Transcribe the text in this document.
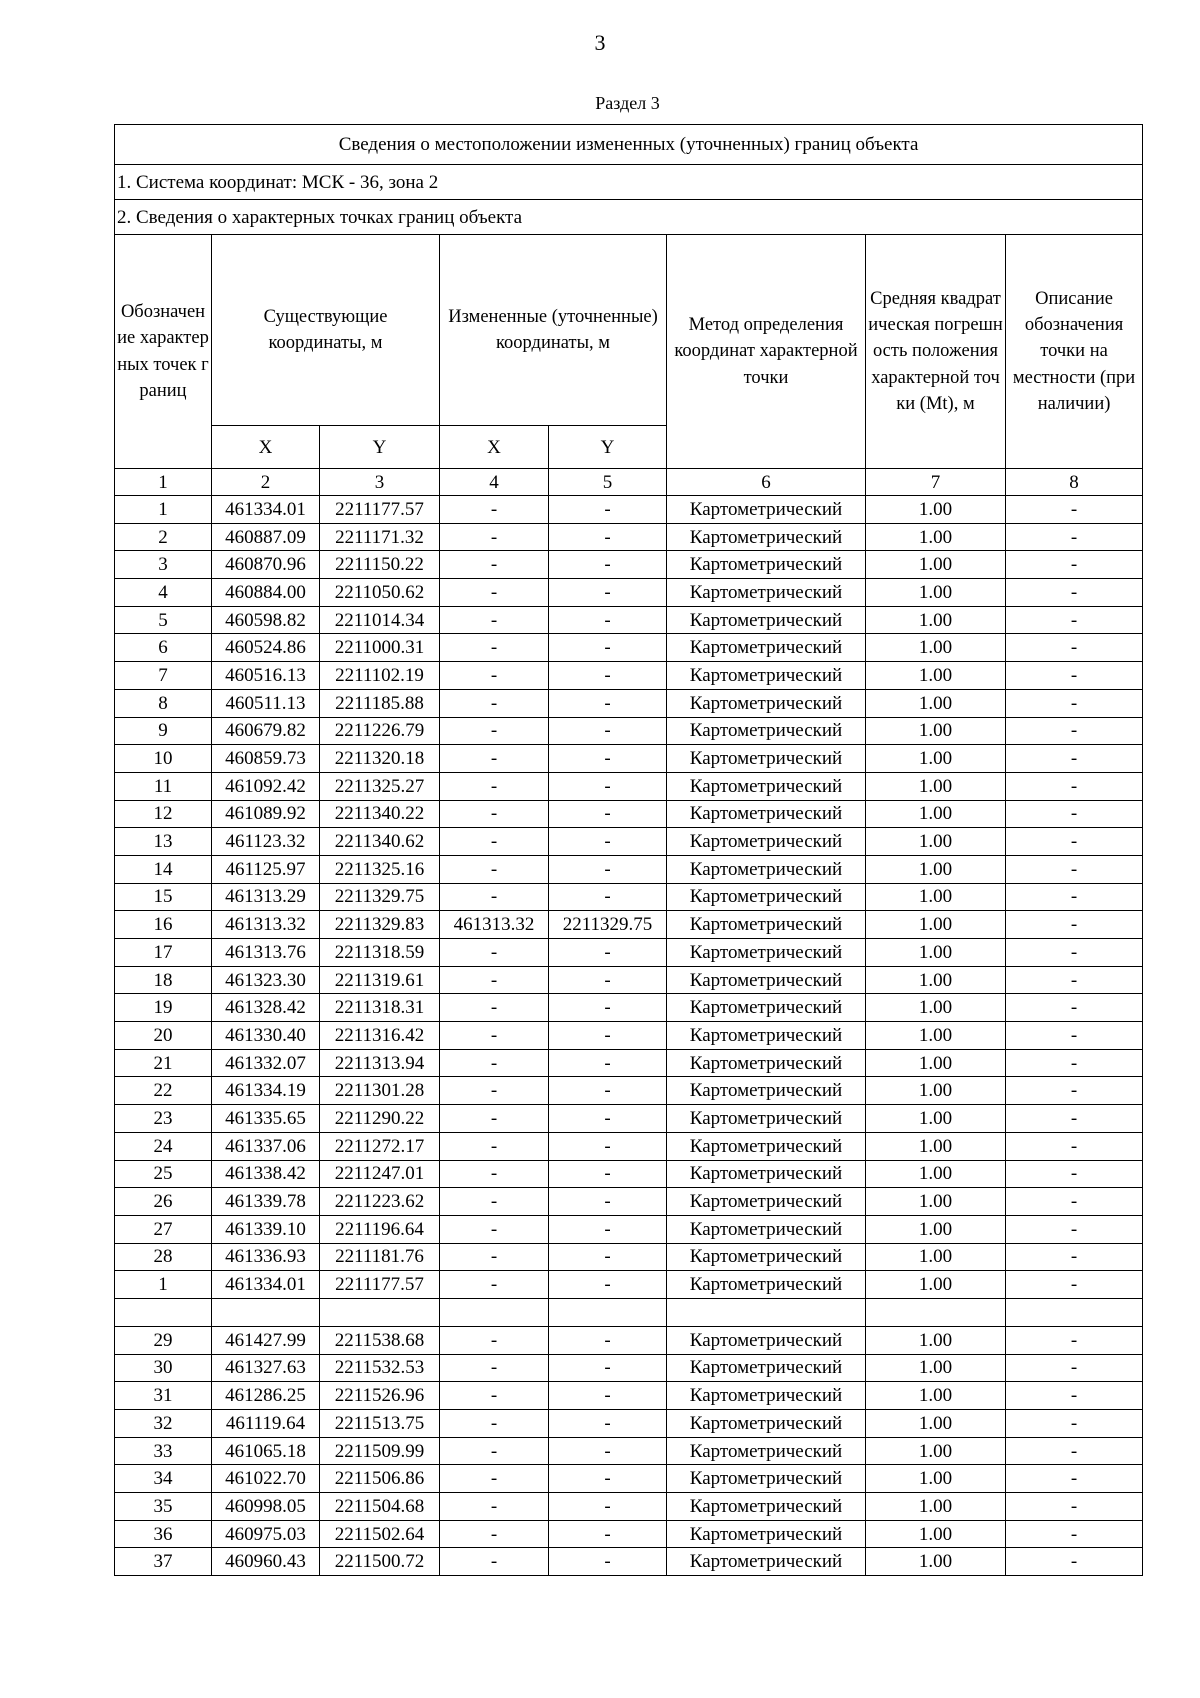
3
Раздел 3
Сведения о местоположении измененных (уточненных) границ объекта							
1. Система координат: МСК - 36, зона 2							
2. Сведения о характерных точках границ объекта							
Обозначение характерных точек границ	Существующие координаты, м		Измененные (уточненные) координаты, м		Метод определения координат характерной точки	Средняя квадратическая погрешность положения характерной точки (Mt), м	Описание обозначения точки на местности (при наличии)
	X	Y	X	Y			
1	2	3	4	5	6	7	8
1	461334.01	2211177.57	-	-	Картометрический	1.00	-
2	460887.09	2211171.32	-	-	Картометрический	1.00	-
3	460870.96	2211150.22	-	-	Картометрический	1.00	-
4	460884.00	2211050.62	-	-	Картометрический	1.00	-
5	460598.82	2211014.34	-	-	Картометрический	1.00	-
6	460524.86	2211000.31	-	-	Картометрический	1.00	-
7	460516.13	2211102.19	-	-	Картометрический	1.00	-
8	460511.13	2211185.88	-	-	Картометрический	1.00	-
9	460679.82	2211226.79	-	-	Картометрический	1.00	-
10	460859.73	2211320.18	-	-	Картометрический	1.00	-
11	461092.42	2211325.27	-	-	Картометрический	1.00	-
12	461089.92	2211340.22	-	-	Картометрический	1.00	-
13	461123.32	2211340.62	-	-	Картометрический	1.00	-
14	461125.97	2211325.16	-	-	Картометрический	1.00	-
15	461313.29	2211329.75	-	-	Картометрический	1.00	-
16	461313.32	2211329.83	461313.32	2211329.75	Картометрический	1.00	-
17	461313.76	2211318.59	-	-	Картометрический	1.00	-
18	461323.30	2211319.61	-	-	Картометрический	1.00	-
19	461328.42	2211318.31	-	-	Картометрический	1.00	-
20	461330.40	2211316.42	-	-	Картометрический	1.00	-
21	461332.07	2211313.94	-	-	Картометрический	1.00	-
22	461334.19	2211301.28	-	-	Картометрический	1.00	-
23	461335.65	2211290.22	-	-	Картометрический	1.00	-
24	461337.06	2211272.17	-	-	Картометрический	1.00	-
25	461338.42	2211247.01	-	-	Картометрический	1.00	-
26	461339.78	2211223.62	-	-	Картометрический	1.00	-
27	461339.10	2211196.64	-	-	Картометрический	1.00	-
28	461336.93	2211181.76	-	-	Картометрический	1.00	-
1	461334.01	2211177.57	-	-	Картометрический	1.00	-

29	461427.99	2211538.68	-	-	Картометрический	1.00	-
30	461327.63	2211532.53	-	-	Картометрический	1.00	-
31	461286.25	2211526.96	-	-	Картометрический	1.00	-
32	461119.64	2211513.75	-	-	Картометрический	1.00	-
33	461065.18	2211509.99	-	-	Картометрический	1.00	-
34	461022.70	2211506.86	-	-	Картометрический	1.00	-
35	460998.05	2211504.68	-	-	Картометрический	1.00	-
36	460975.03	2211502.64	-	-	Картометрический	1.00	-
37	460960.43	2211500.72	-	-	Картометрический	1.00	-
